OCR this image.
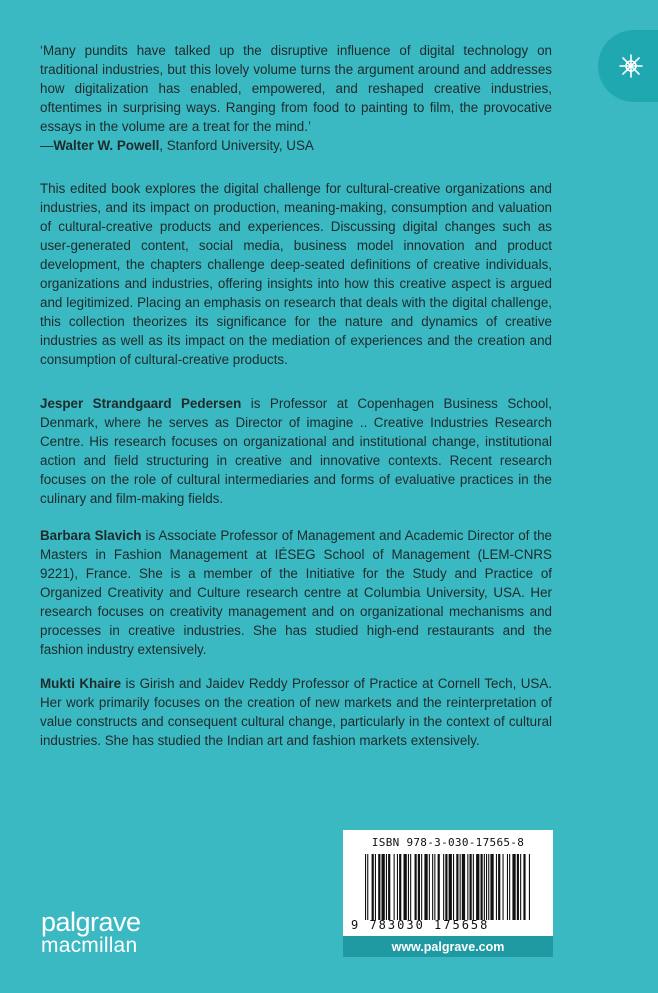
‘Many pundits have talked up the disruptive influence of digital technology on traditional industries, but this lovely volume turns the argument around and addresses how digitalization has enabled, empowered, and reshaped creative industries, oftentimes in surprising ways. Ranging from food to painting to film, the provocative essays in the volume are a treat for the mind.’

—Walter W. Powell, Stanford University, USA

This edited book explores the digital challenge for cultural-creative organizations and industries, and its impact on production, meaning-making, consumption and valuation of cultural-creative products and experiences. Discussing digital changes such as user-generated content, social media, business model innovation and product development, the chapters challenge deep-seated definitions of creative individuals, organizations and industries, offering insights into how this creative aspect is argued and legitimized. Placing an emphasis on research that deals with the digital challenge, this collection theorizes its significance for the nature and dynamics of creative industries as well as its impact on the mediation of experiences and the creation and consumption of cultural-creative products.

Jesper Strandgaard Pedersen is Professor at Copenhagen Business School, Denmark, where he serves as Director of imagine .. Creative Industries Research Centre. His research focuses on organizational and institutional change, institutional action and field structuring in creative and innovative contexts. Recent research focuses on the role of cultural intermediaries and forms of evaluative practices in the culinary and film-making fields.

Barbara Slavich is Associate Professor of Management and Academic Director of the Masters in Fashion Management at IÉSEG School of Management (LEM-CNRS 9221), France. She is a member of the Initiative for the Study and Practice of Organized Creativity and Culture research centre at Columbia University, USA. Her research focuses on creativity management and on organizational mechanisms and processes in creative industries. She has studied high-end restaurants and the fashion industry extensively.

Mukti Khaire is Girish and Jaidev Reddy Professor of Practice at Cornell Tech, USA. Her work primarily focuses on the creation of new markets and the reinterpretation of value constructs and consequent cultural change, particularly in the context of cultural industries. She has studied the Indian art and fashion markets extensively.

ISBN 978-3-030-17565-8
9 783030 175658
www.palgrave.com
palgrave
macmillan
